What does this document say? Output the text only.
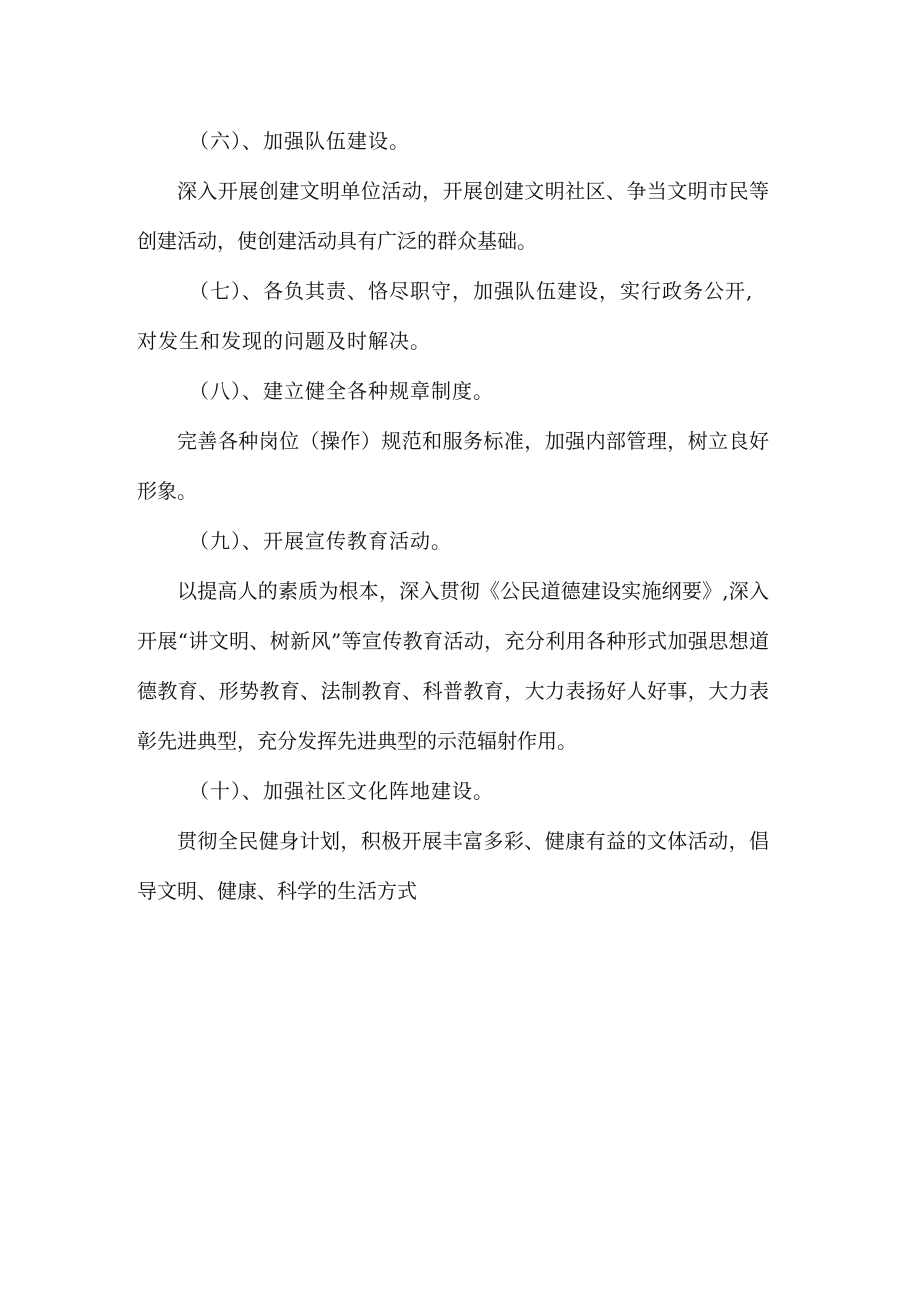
（六）、加强队伍建设。

深入开展创建文明单位活动，开展创建文明社区、争当文明市民等创建活动，使创建活动具有广泛的群众基础。

（七）、各负其责、恪尽职守，加强队伍建设，实行政务公开,对发生和发现的问题及时解决。

（八）、建立健全各种规章制度。

完善各种岗位（操作）规范和服务标准，加强内部管理，树立良好形象。

（九）、开展宣传教育活动。

以提高人的素质为根本，深入贯彻《公民道德建设实施纲要》,深入开展“讲文明、树新风”等宣传教育活动，充分利用各种形式加强思想道德教育、形势教育、法制教育、科普教育，大力表扬好人好事，大力表彰先进典型，充分发挥先进典型的示范辐射作用。

（十）、加强社区文化阵地建设。

贯彻全民健身计划，积极开展丰富多彩、健康有益的文体活动，倡导文明、健康、科学的生活方式
